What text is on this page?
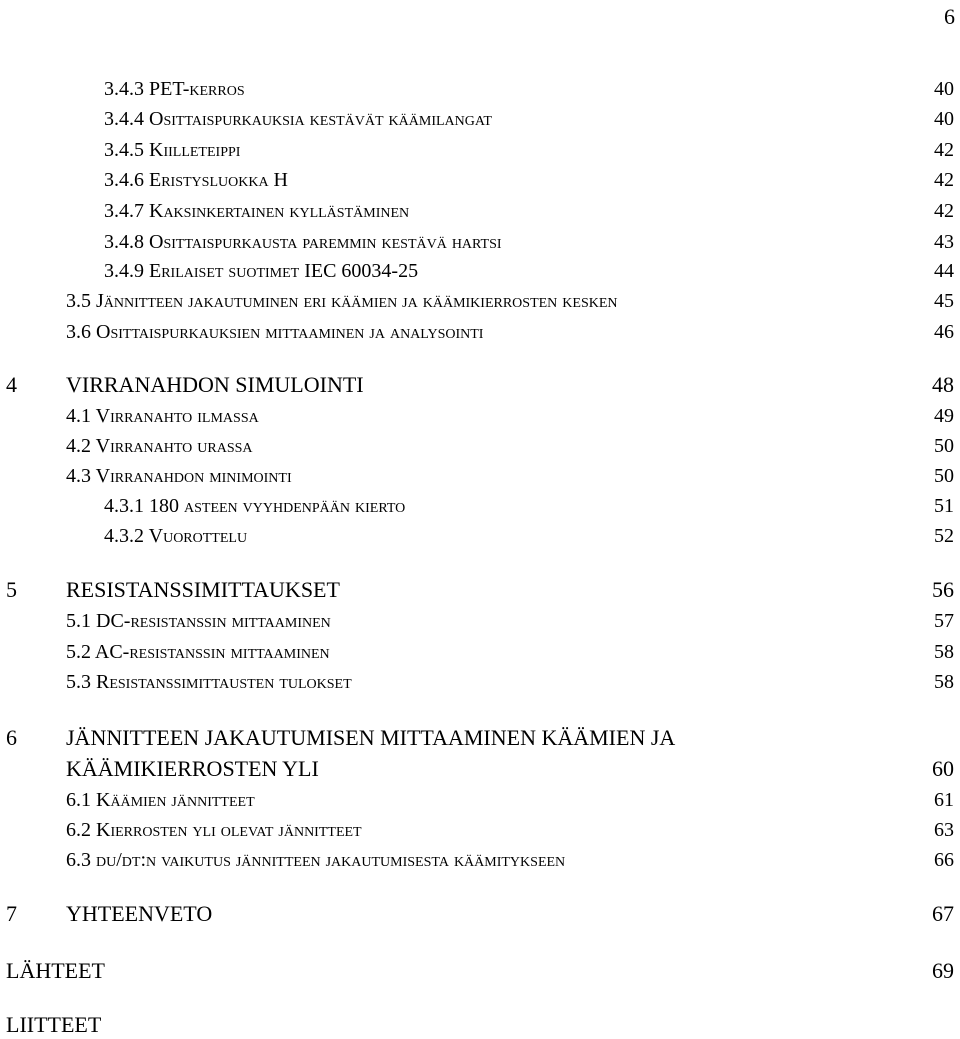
6
3.4.3 PET-kerros	40
3.4.4 Osittaispurkauksia kestävät käämilangat	40
3.4.5 Kiilleteippi	42
3.4.6 Eristysluokka H	42
3.4.7 Kaksinkertainen kyllästäminen	42
3.4.8 Osittaispurkausta paremmin kestävä hartsi	43
3.4.9 Erilaiset suotimet IEC 60034-25	44
3.5 Jännitteen jakautuminen eri käämien ja käämikierrosten kesken	45
3.6 Osittaispurkauksien mittaaminen ja analysointi	46
4 VIRRANAHDON SIMULOINTI	48
4.1 Virranahto ilmassa	49
4.2 Virranahto urassa	50
4.3 Virranahdon minimointi	50
4.3.1 180 asteen vyyhdenpään kierto	51
4.3.2 Vuorottelu	52
5 RESISTANSSIMITTAUKSET	56
5.1 DC-resistanssin mittaaminen	57
5.2 AC-resistanssin mittaaminen	58
5.3 Resistanssimittausten tulokset	58
6 JÄNNITTEEN JAKAUTUMISEN MITTAAMINEN KÄÄMIEN JA
KÄÄMIKIERROSTEN YLI	60
6.1 Käämien jännitteet	61
6.2 Kierrosten yli olevat jännitteet	63
6.3 du/dt:n vaikutus jännitteen jakautumisesta käämitykseen	66
7 YHTEENVETO	67
LÄHTEET	69
LIITTEET
